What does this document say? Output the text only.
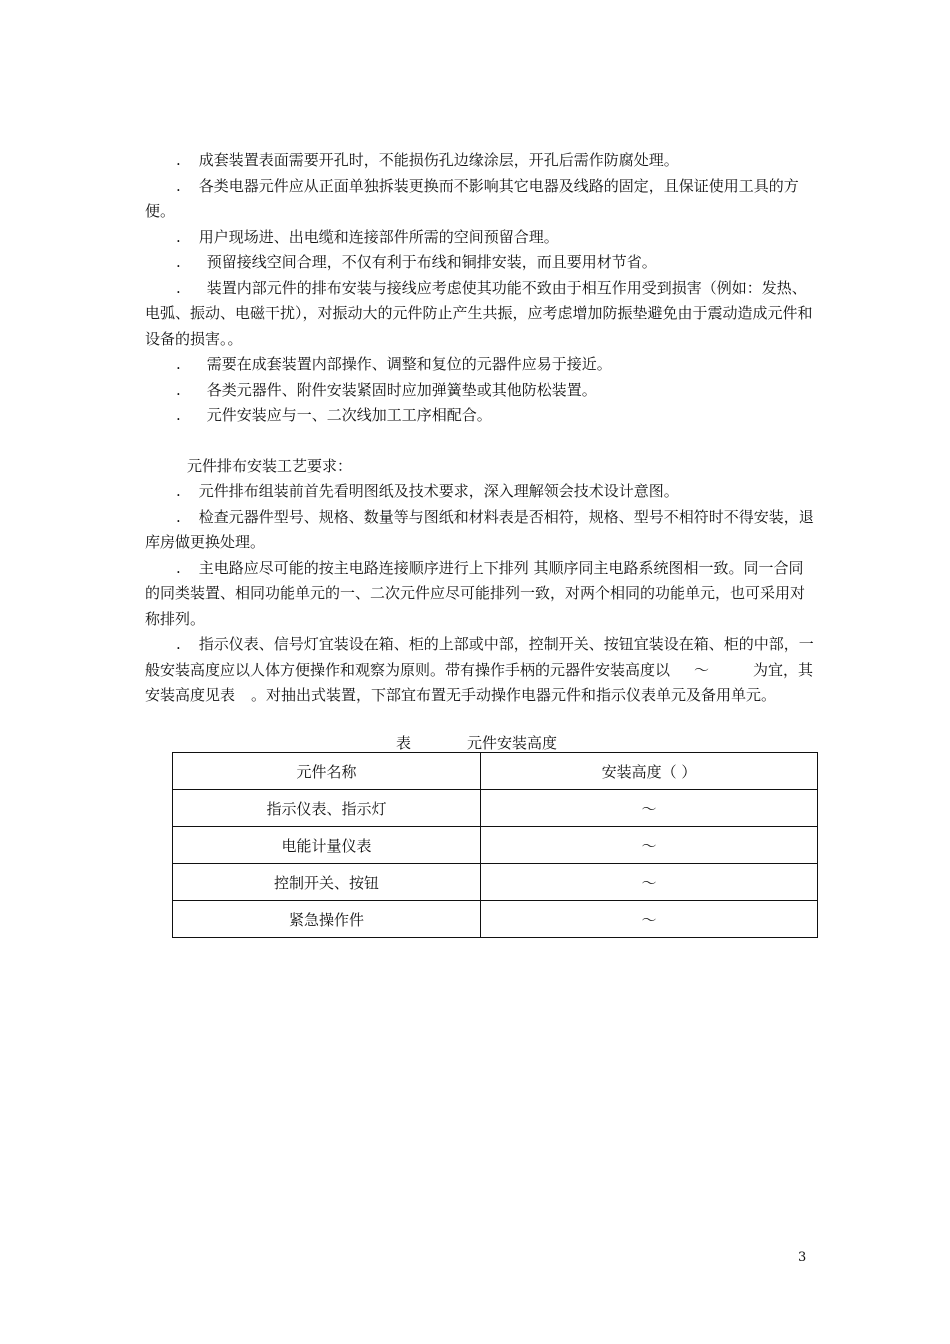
. 成套装置表面需要开孔时，不能损伤孔边缘涂层，开孔后需作防腐处理。

. 各类电器元件应从正面单独拆装更换而不影响其它电器及线路的固定，且保证使用工具的方便。

. 用户现场进、出电缆和连接部件所需的空间预留合理。

. 预留接线空间合理，不仅有利于布线和铜排安装，而且要用材节省。

. 装置内部元件的排布安装与接线应考虑使其功能不致由于相互作用受到损害（例如：发热、电弧、振动、电磁干扰），对振动大的元件防止产生共振，应考虑增加防振垫避免由于震动造成元件和设备的损害。。

. 需要在成套装置内部操作、调整和复位的元器件应易于接近。

. 各类元器件、附件安装紧固时应加弹簧垫或其他防松装置。

. 元件安装应与一、二次线加工工序相配合。

元件排布安装工艺要求：

. 元件排布组装前首先看明图纸及技术要求，深入理解领会技术设计意图。

. 检查元器件型号、规格、数量等与图纸和材料表是否相符，规格、型号不相符时不得安装，退库房做更换处理。

. 主电路应尽可能的按主电路连接顺序进行上下排列 其顺序同主电路系统图相一致。同一合同的同类装置、相同功能单元的一、二次元件应尽可能排列一致，对两个相同的功能单元，也可采用对称排列。

. 指示仪表、信号灯宜装设在箱、柜的上部或中部，控制开关、按钮宜装设在箱、柜的中部，一般安装高度应以人体方便操作和观察为原则。带有操作手柄的元器件安装高度以 ～	为宜，其安装高度见表 。对抽出式装置，下部宜布置无手动操作电器元件和指示仪表单元及备用单元。

表	元件安装高度
元件名称	安装高度（ ）
指示仪表、指示灯	～
电能计量仪表	～
控制开关、按钮	～
紧急操作件	～
3
